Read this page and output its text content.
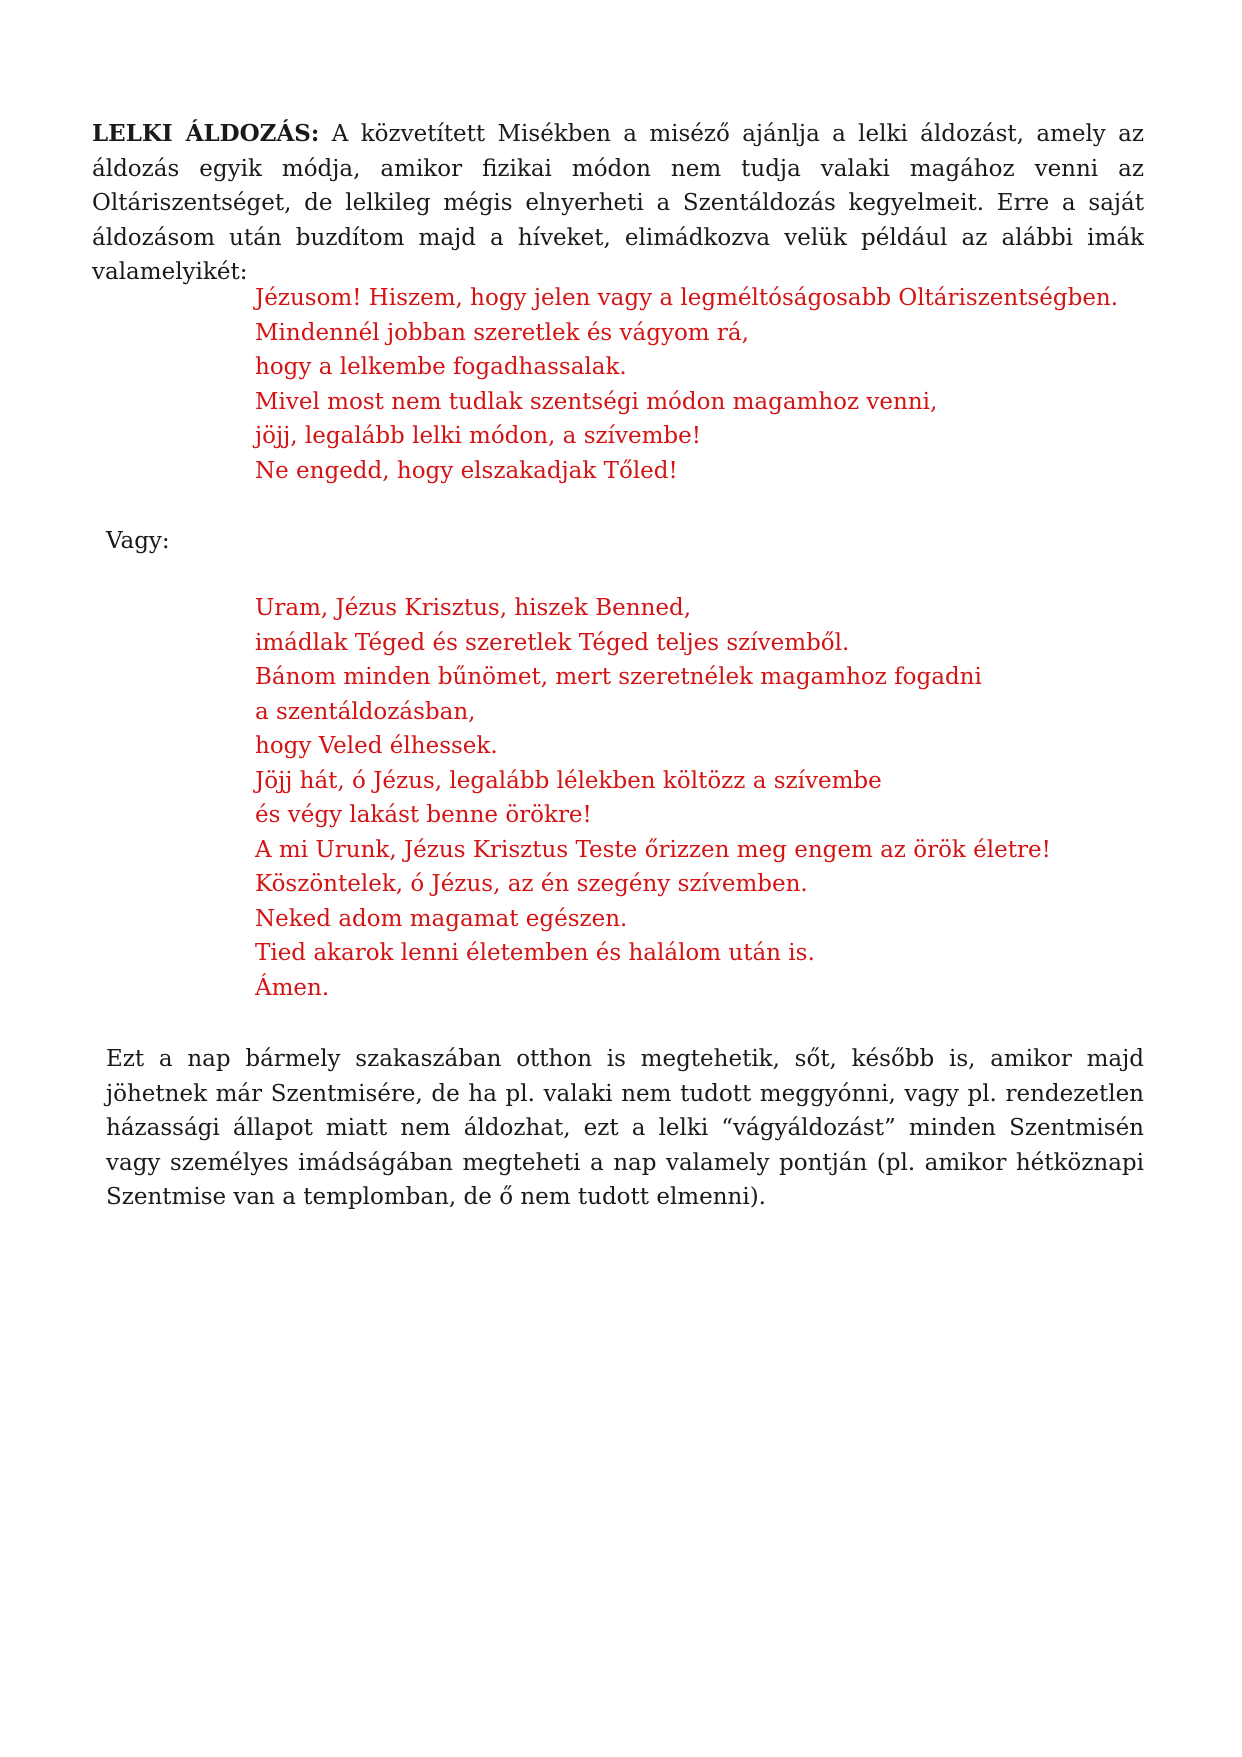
LELKI ÁLDOZÁS: A közvetített Misékben a miséző ajánlja a lelki áldozást, amely az áldozás egyik módja, amikor fizikai módon nem tudja valaki magához venni az Oltáriszentséget, de lelkileg mégis elnyerheti a Szentáldozás kegyelmeit. Erre a saját áldozásom után buzdítom majd a híveket, elimádkozva velük például az alábbi imák valamelyikét:

Jézusom! Hiszem, hogy jelen vagy a legméltóságosabb Oltáriszentségben.
Mindennél jobban szeretlek és vágyom rá,
hogy a lelkembe fogadhassalak.
Mivel most nem tudlak szentségi módon magamhoz venni,
jöjj, legalább lelki módon, a szívembe!
Ne engedd, hogy elszakadjak Tőled!

Vagy:

Uram, Jézus Krisztus, hiszek Benned,
imádlak Téged és szeretlek Téged teljes szívemből.
Bánom minden bűnömet, mert szeretnélek magamhoz fogadni
a szentáldozásban,
hogy Veled élhessek.
Jöjj hát, ó Jézus, legalább lélekben költözz a szívembe
és végy lakást benne örökre!
A mi Urunk, Jézus Krisztus Teste őrizzen meg engem az örök életre!
Köszöntelek, ó Jézus, az én szegény szívemben.
Neked adom magamat egészen.
Tied akarok lenni életemben és halálom után is.
Ámen.

Ezt a nap bármely szakaszában otthon is megtehetik, sőt, később is, amikor majd jöhetnek már Szentmisére, de ha pl. valaki nem tudott meggyónni, vagy pl. rendezetlen házassági állapot miatt nem áldozhat, ezt a lelki “vágyáldozást” minden Szentmisén vagy személyes imádságában megteheti a nap valamely pontján (pl. amikor hétköznapi Szentmise van a templomban, de ő nem tudott elmenni).
